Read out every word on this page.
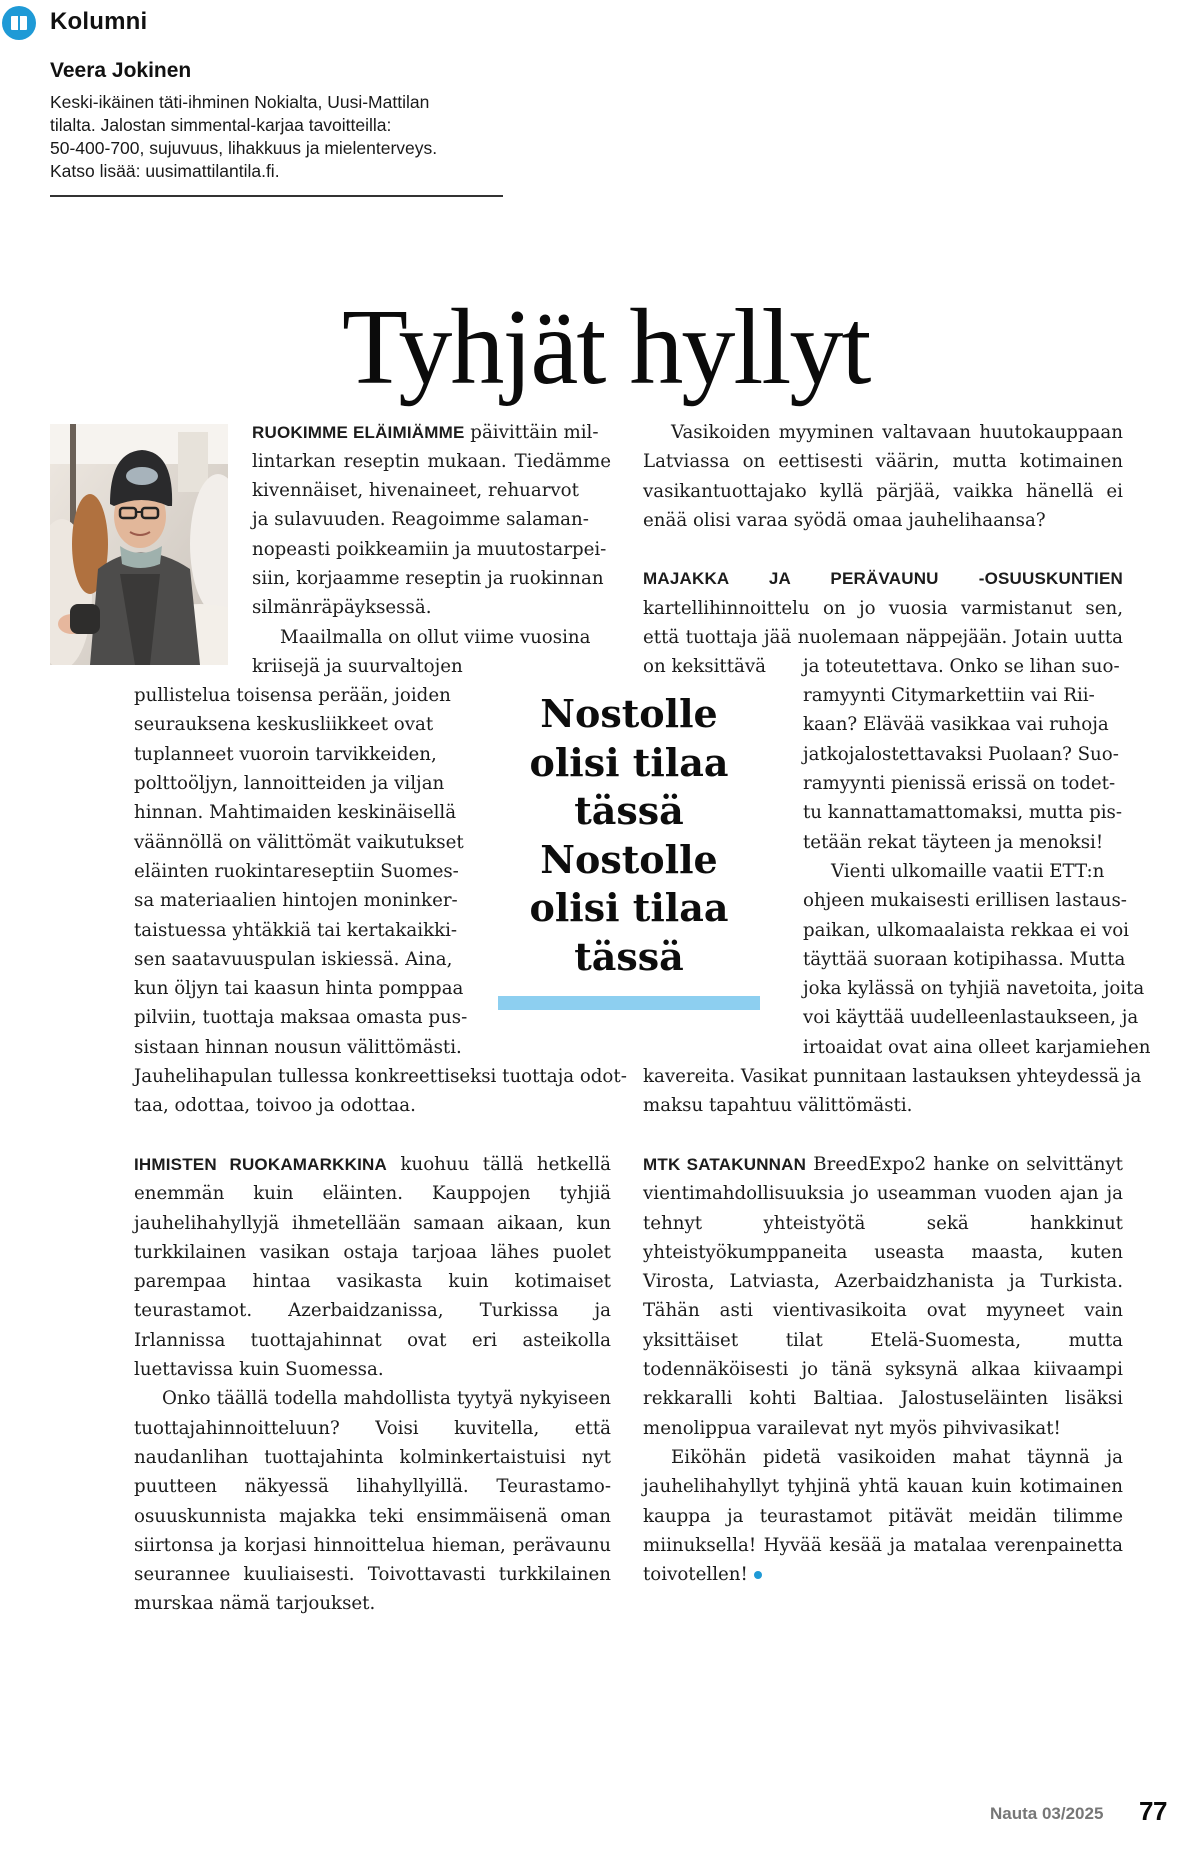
Kolumni
Veera Jokinen
Keski-ikäinen täti-ihminen Nokialta, Uusi-Mattilan
tilalta. Jalostan simmental-karjaa tavoitteilla:
50-400-700, sujuvuus, lihakkuus ja mielenterveys.
Katso lisää: uusimattilantila.fi.
Tyhjät hyllyt

RUOKIMME ELÄIMIÄMME päivittäin mil-

lintarkan reseptin mukaan. Tiedämme
kivennäiset, hivenaineet, rehuarvot
ja sulavuuden. Reagoimme salaman-
nopeasti poikkeamiin ja muutostarpei-
siin, korjaamme reseptin ja ruokinnan
silmänräpäyksessä.
Maailmalla on ollut viime vuosina
kriisejä ja suurvaltojen
pullistelua toisensa perään, joiden
seurauksena keskusliikkeet ovat
tuplanneet vuoroin tarvikkeiden,
polttoöljyn, lannoitteiden ja viljan
hinnan. Mahtimaiden keskinäisellä
väännöllä on välittömät vaikutukset
eläinten ruokintareseptiin Suomes-
sa materiaalien hintojen moninker-
taistuessa yhtäkkiä tai kertakaikki-
sen saatavuuspulan iskiessä. Aina,
kun öljyn tai kaasun hinta pomppaa
pilviin, tuottaja maksaa omasta pus-
sistaan hinnan nousun välittömästi.
Jauhelihapulan tullessa konkreettiseksi tuottaja odot-
taa, odottaa, toivoo ja odottaa.
Nostolle
olisi tilaa
tässä
Nostolle
olisi tilaa
tässä

Vasikoiden myyminen valtavaan huutokauppaan Latviassa on eettisesti väärin, mutta kotimainen vasikantuottajako kyllä pärjää, vaikka hänellä ei enää olisi varaa syödä omaa jauhelihaansa?

MAJAKKA JA PERÄVAUNU -OSUUSKUNTIEN kartellihinnoittelu on jo vuosia varmistanut sen, että tuottaja jää nuolemaan näppejään. Jotain uutta on keksittävä	ja toteutettava. Onko se lihan suo-
ramyynti Citymarkettiin vai Rii-
kaan? Elävää vasikkaa vai ruhoja
jatkojalostettavaksi Puolaan? Suo-
ramyynti pienissä erissä on todet-
tu kannattamattomaksi, mutta pis-
tetään rekat täyteen ja menoksi!
Vienti ulkomaille vaatii ETT:n
ohjeen mukaisesti erillisen lastaus-
paikan, ulkomaalaista rekkaa ei voi
täyttää suoraan kotipihassa. Mutta
joka kylässä on tyhjiä navetoita, joita
voi käyttää uudelleenlastaukseen, ja
irtoaidat ovat aina olleet karjamiehen
kavereita. Vasikat punnitaan lastauksen yhteydessä ja
maksu tapahtuu välittömästi.

IHMISTEN RUOKAMARKKINA kuohuu tällä hetkellä enemmän kuin eläinten. Kauppojen tyhjiä jauhelihahyllyjä ihmetellään samaan aikaan, kun turkkilainen vasikan ostaja tarjoaa lähes puolet parempaa hintaa vasikasta kuin kotimaiset teurastamot. Azerbaidzanissa, Turkissa ja Irlannissa tuottajahinnat ovat eri asteikolla luettavissa kuin Suomessa.

Onko täällä todella mahdollista tyytyä nykyiseen tuottajahinnoitteluun? Voisi kuvitella, että naudanlihan tuottajahinta kolminkertaistuisi nyt puutteen näkyessä lihahyllyillä. Teurastamo-osuuskunnista majakka teki ensimmäisenä oman siirtonsa ja korjasi hinnoittelua hieman, perävaunu seurannee kuuliaisesti. Toivottavasti turkkilainen murskaa nämä tarjoukset.

MTK SATAKUNNAN BreedExpo2 hanke on selvittänyt vientimahdollisuuksia jo useamman vuoden ajan ja tehnyt yhteistyötä sekä hankkinut yhteistyökumppaneita useasta maasta, kuten Virosta, Latviasta, Azerbaidzhanista ja Turkista. Tähän asti vientivasikoita ovat myyneet vain yksittäiset tilat Etelä-Suomesta, mutta todennäköisesti jo tänä syksynä alkaa kiivaampi rekkaralli kohti Baltiaa. Jalostuseläinten lisäksi menolippua varailevat nyt myös pihvivasikat!

Eiköhän pidetä vasikoiden mahat täynnä ja jauhelihahyllyt tyhjinä yhtä kauan kuin kotimainen kauppa ja teurastamot pitävät meidän tilimme miinuksella! Hyvää kesää ja matalaa verenpainetta toivotellen!

Nauta 03/2025 77
